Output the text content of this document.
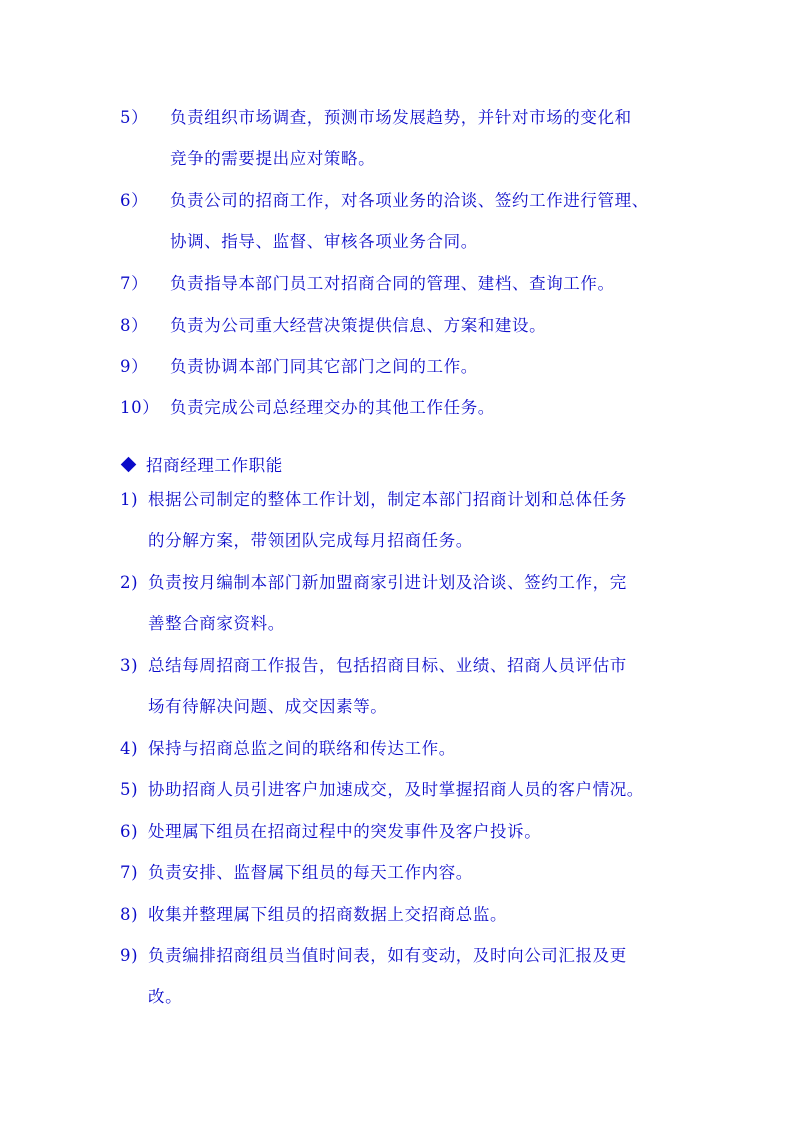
5） 负责组织市场调查，预测市场发展趋势，并针对市场的变化和
竞争的需要提出应对策略。
6） 负责公司的招商工作，对各项业务的洽谈、签约工作进行管理、
协调、指导、监督、审核各项业务合同。
7） 负责指导本部门员工对招商合同的管理、建档、查询工作。
8） 负责为公司重大经营决策提供信息、方案和建设。
9） 负责协调本部门同其它部门之间的工作。
10） 负责完成公司总经理交办的其他工作任务。
招商经理工作职能
1) 根据公司制定的整体工作计划，制定本部门招商计划和总体任务
的分解方案，带领团队完成每月招商任务。
2) 负责按月编制本部门新加盟商家引进计划及洽谈、签约工作，完
善整合商家资料。
3) 总结每周招商工作报告，包括招商目标、业绩、招商人员评估市
场有待解决问题、成交因素等。
4) 保持与招商总监之间的联络和传达工作。
5) 协助招商人员引进客户加速成交，及时掌握招商人员的客户情况。
6) 处理属下组员在招商过程中的突发事件及客户投诉。
7) 负责安排、监督属下组员的每天工作内容。
8) 收集并整理属下组员的招商数据上交招商总监。
9) 负责编排招商组员当值时间表，如有变动，及时向公司汇报及更
改。
